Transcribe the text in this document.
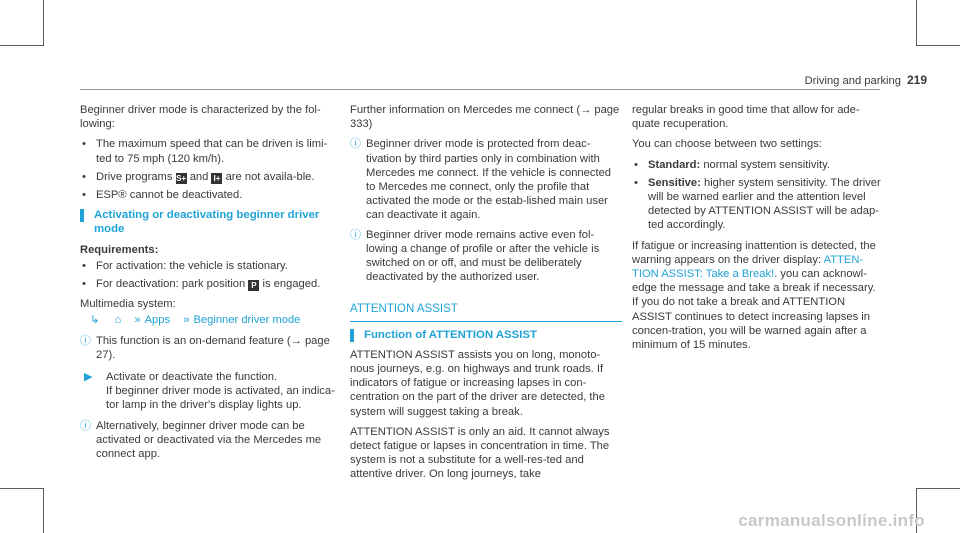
Driving and parking 219

Beginner driver mode is characterized by the fol-lowing:

• The maximum speed that can be driven is limi-ted to 75 mph (120 km/h).
• Drive programs S+ and I+ are not availa-ble.
• ESP® cannot be deactivated.
Activating or deactivating beginner driver mode

Requirements:

• For activation: the vehicle is stationary.
• For deactivation: park position P is engaged.

Multimedia system:

↳ ⌂ » Apps » Beginner driver mode
ⓘ This function is an on-demand feature (→ page 27).
▶	Activate or deactivate the function.
If beginner driver mode is activated, an indica-tor lamp in the driver's display lights up.
ⓘ Alternatively, beginner driver mode can be activated or deactivated via the Mercedes me connect app.

Further information on Mercedes me connect (→ page 333)

ⓘ Beginner driver mode is protected from deac-tivation by third parties only in combination with Mercedes me connect. If the vehicle is connected to Mercedes me connect, only the profile that activated the mode or the estab-lished main user can deactivate it again.
ⓘ Beginner driver mode remains active even fol-lowing a change of profile or after the vehicle is switched on or off, and must be deliberately deactivated by the authorized user.
ATTENTION ASSIST
Function of ATTENTION ASSIST

ATTENTION ASSIST assists you on long, monoto-nous journeys, e.g. on highways and trunk roads. If indicators of fatigue or increasing lapses in con-centration on the part of the driver are detected, the system will suggest taking a break.

ATTENTION ASSIST is only an aid. It cannot always detect fatigue or lapses in concentration in time. The system is not a substitute for a well-res-ted and attentive driver. On long journeys, take

regular breaks in good time that allow for ade-quate recuperation.

You can choose between two settings:

• Standard: normal system sensitivity.
• Sensitive: higher system sensitivity. The driver will be warned earlier and the attention level detected by ATTENTION ASSIST will be adap-ted accordingly.

If fatigue or increasing inattention is detected, the warning appears on the driver display: ATTEN-TION ASSIST: Take a Break!. you can acknowl-edge the message and take a break if necessary. If you do not take a break and ATTENTION ASSIST continues to detect increasing lapses in concen-tration, you will be warned again after a minimum of 15 minutes.

carmanualsonline.info
